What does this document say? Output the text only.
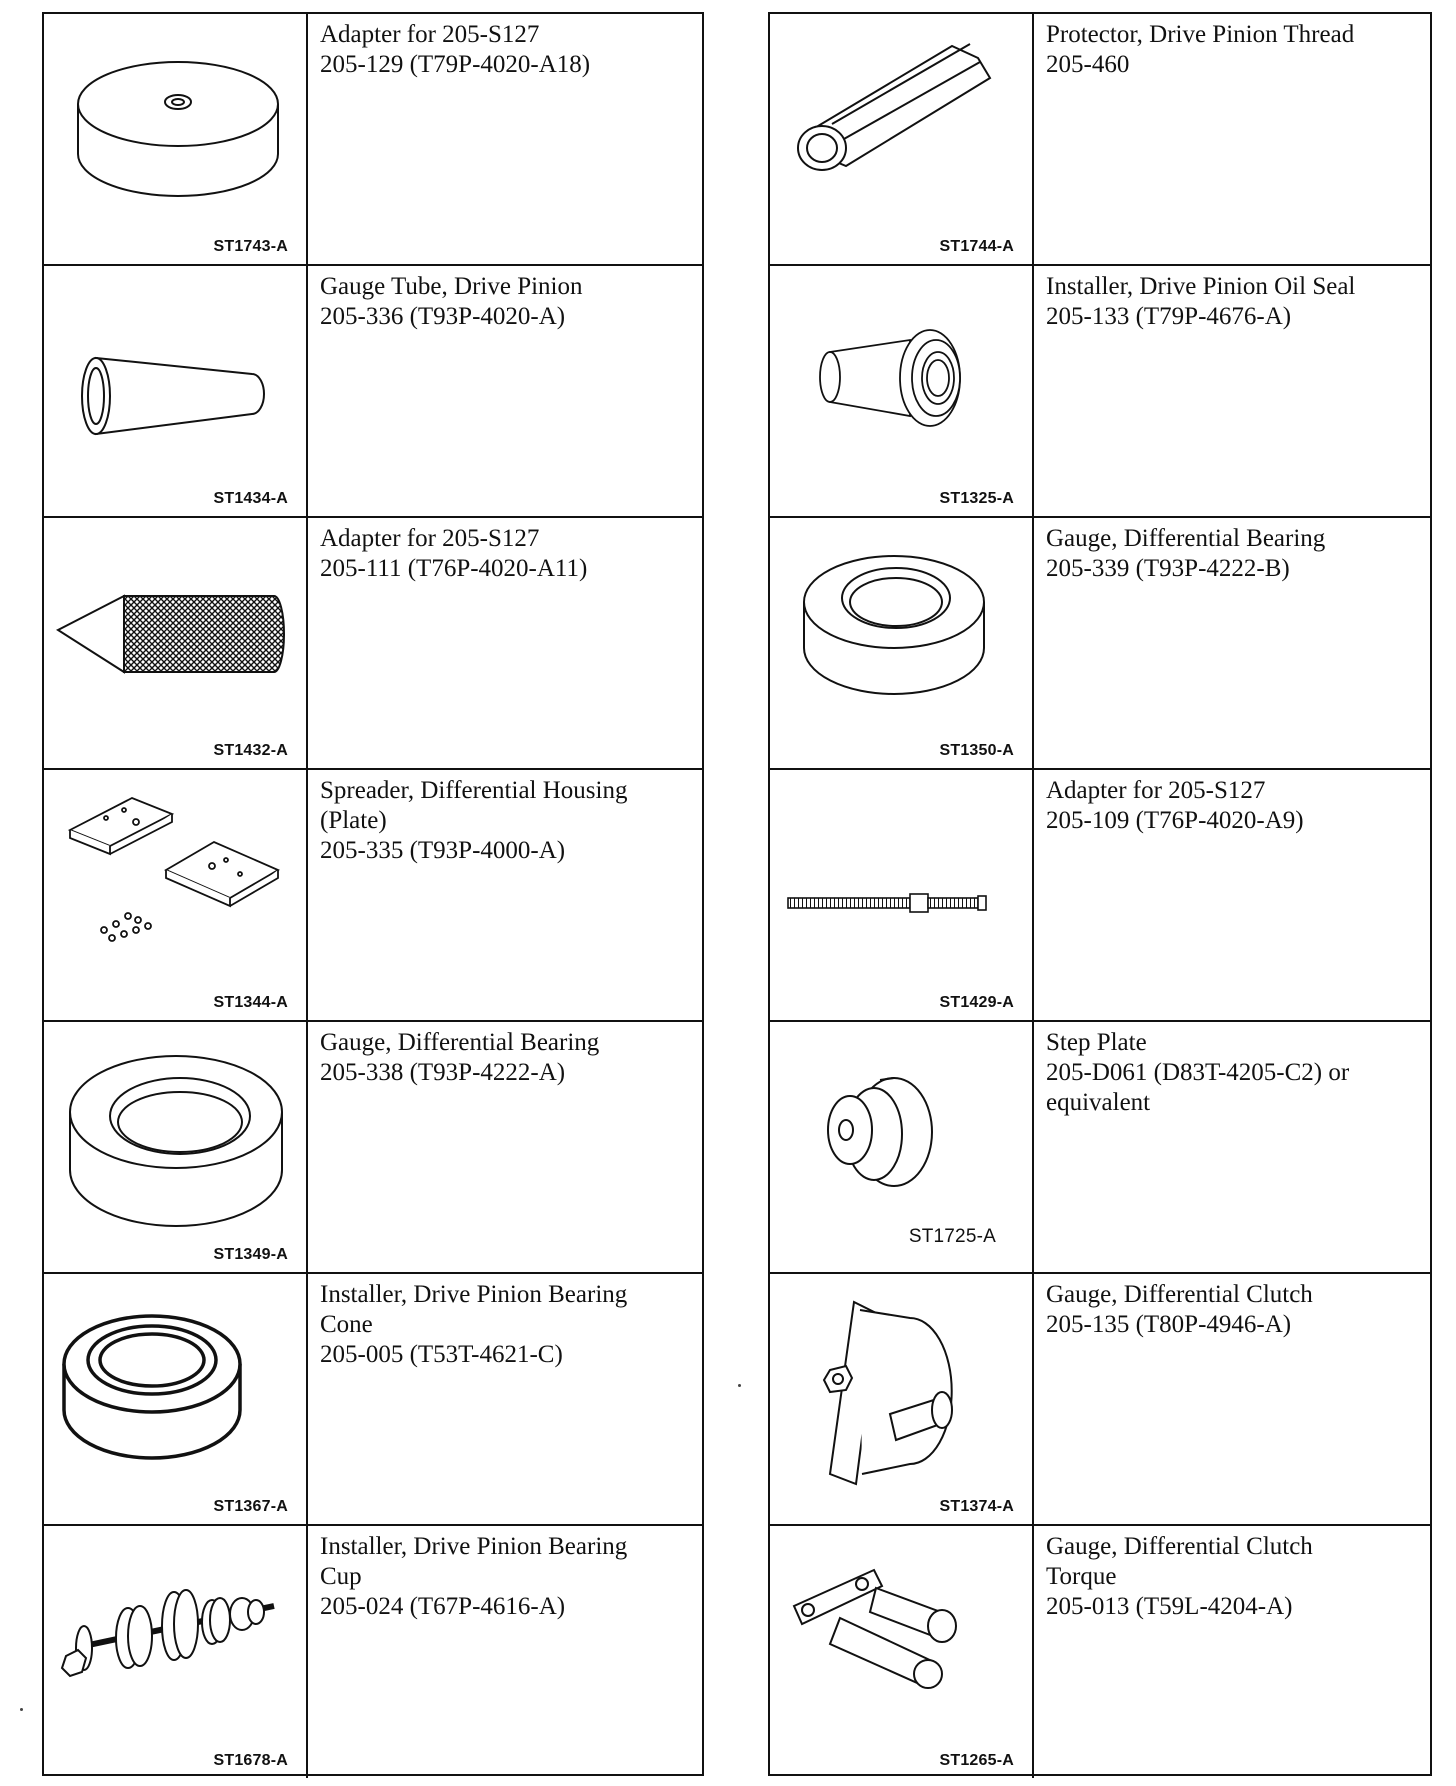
ST1743-A
Adapter for 205-S127
205-129 (T79P-4020-A18)
ST1434-A
Gauge Tube, Drive Pinion
205-336 (T93P-4020-A)
ST1432-A
Adapter for 205-S127
205-111 (T76P-4020-A11)
ST1344-A
Spreader, Differential Housing
(Plate)
205-335 (T93P-4000-A)
ST1349-A
Gauge, Differential Bearing
205-338 (T93P-4222-A)
ST1367-A
Installer, Drive Pinion Bearing
Cone
205-005 (T53T-4621-C)
ST1678-A
Installer, Drive Pinion Bearing
Cup
205-024 (T67P-4616-A)
ST1744-A
Protector, Drive Pinion Thread
205-460
ST1325-A
Installer, Drive Pinion Oil Seal
205-133 (T79P-4676-A)
ST1350-A
Gauge, Differential Bearing
205-339 (T93P-4222-B)
ST1429-A
Adapter for 205-S127
205-109 (T76P-4020-A9)
ST1725-A
Step Plate
205-D061 (D83T-4205-C2) or
equivalent
ST1374-A
Gauge, Differential Clutch
205-135 (T80P-4946-A)
ST1265-A
Gauge, Differential Clutch
Torque
205-013 (T59L-4204-A)
